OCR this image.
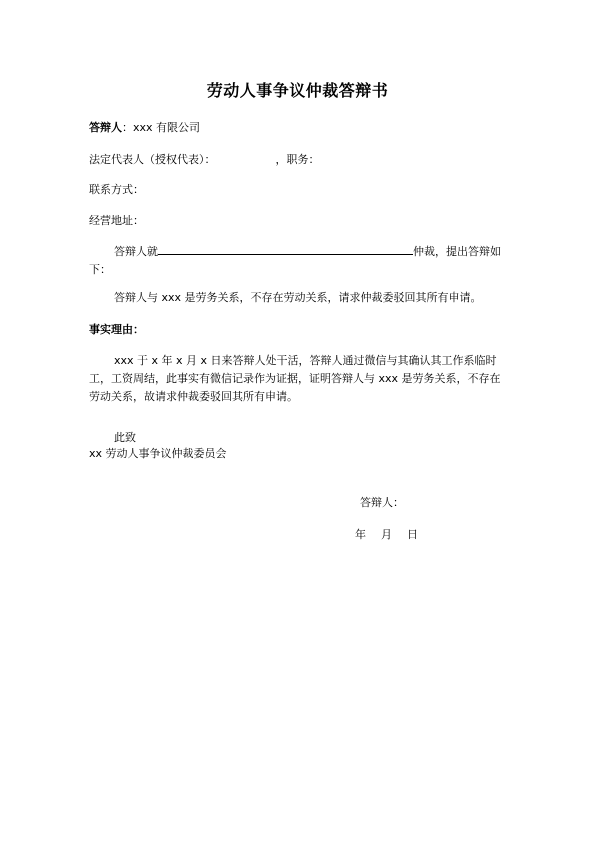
劳动人事争议仲裁答辩书
答辩人：xxx 有限公司
法定代表人（授权代表）：	，职务：
联系方式：
经营地址：
答辩人就	仲裁，提出答辩如下：
答辩人与 xxx 是劳务关系，不存在劳动关系，请求仲裁委驳回其所有申请。
事实理由：
xxx 于 x 年 x 月 x 日来答辩人处干活，答辩人通过微信与其确认其工作系临时工，工资周结，此事实有微信记录作为证据，证明答辩人与 xxx 是劳务关系，不存在劳动关系，故请求仲裁委驳回其所有申请。
此致
xx 劳动人事争议仲裁委员会
答辩人：
年　月　日
